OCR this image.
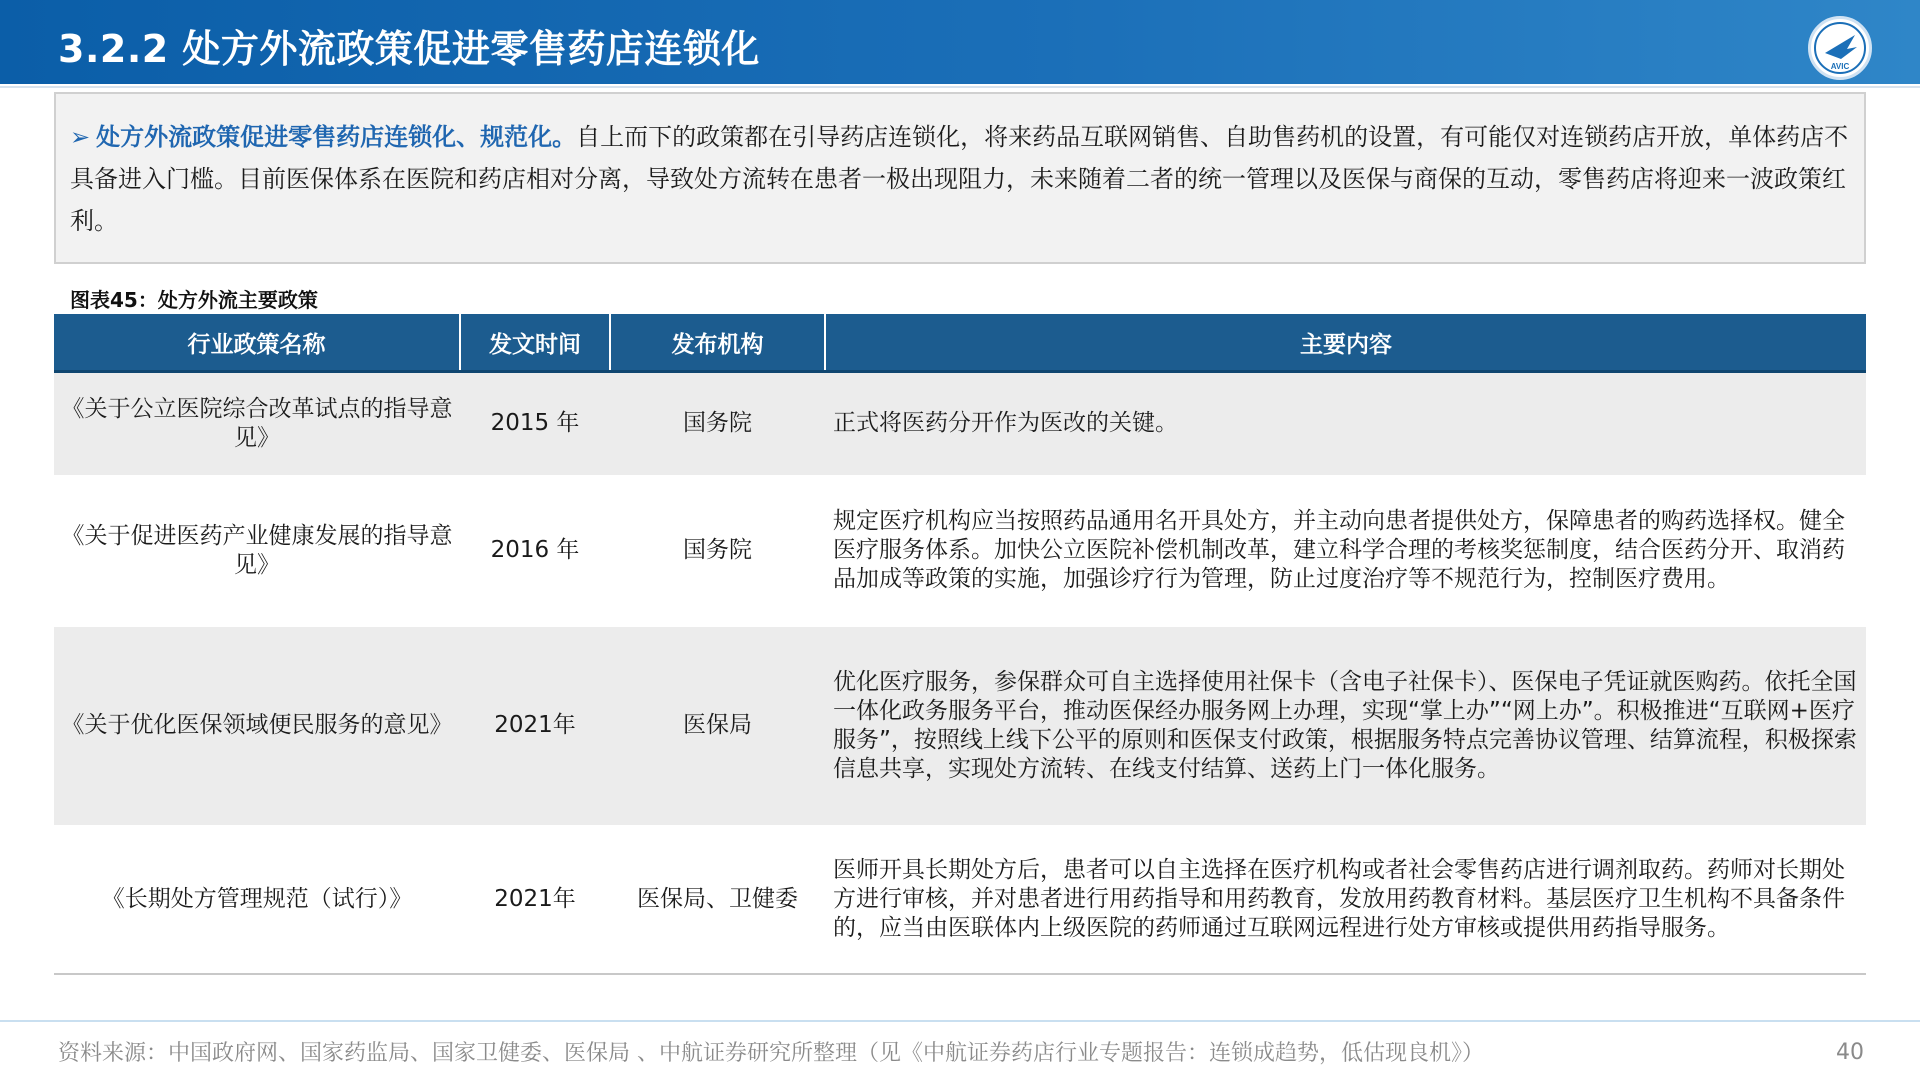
3.2.2 处方外流政策促进零售药店连锁化	AVIC
➢ 处方外流政策促进零售药店连锁化、规范化。自上而下的政策都在引导药店连锁化，将来药品互联网销售、自助售药机的设置，有可能仅对连锁药店开放，单体药店不具备进入门槛。目前医保体系在医院和药店相对分离，导致处方流转在患者一极出现阻力，未来随着二者的统一管理以及医保与商保的互动，零售药店将迎来一波政策红利。
图表45：处方外流主要政策
行业政策名称	发文时间	发布机构	主要内容
《关于公立医院综合改革试点的指导意见》	2015 年	国务院	正式将医药分开作为医改的关键。
《关于促进医药产业健康发展的指导意见》	2016 年	国务院	规定医疗机构应当按照药品通用名开具处方，并主动向患者提供处方，保障患者的购药选择权。健全医疗服务体系。加快公立医院补偿机制改革，建立科学合理的考核奖惩制度，结合医药分开、取消药品加成等政策的实施，加强诊疗行为管理，防止过度治疗等不规范行为，控制医疗费用。
《关于优化医保领域便民服务的意见》	2021年	医保局	优化医疗服务，参保群众可自主选择使用社保卡（含电子社保卡）、医保电子凭证就医购药。依托全国一体化政务服务平台，推动医保经办服务网上办理，实现“掌上办”“网上办”。积极推进“互联网+医疗服务”，按照线上线下公平的原则和医保支付政策，根据服务特点完善协议管理、结算流程，积极探索信息共享，实现处方流转、在线支付结算、送药上门一体化服务。
《长期处方管理规范（试行）》	2021年	医保局、卫健委	医师开具长期处方后，患者可以自主选择在医疗机构或者社会零售药店进行调剂取药。药师对长期处方进行审核，并对患者进行用药指导和用药教育，发放用药教育材料。基层医疗卫生机构不具备条件的，应当由医联体内上级医院的药师通过互联网远程进行处方审核或提供用药指导服务。
资料来源：中国政府网、国家药监局、国家卫健委、医保局 、中航证券研究所整理（见《中航证券药店行业专题报告：连锁成趋势，低估现良机》）	40
